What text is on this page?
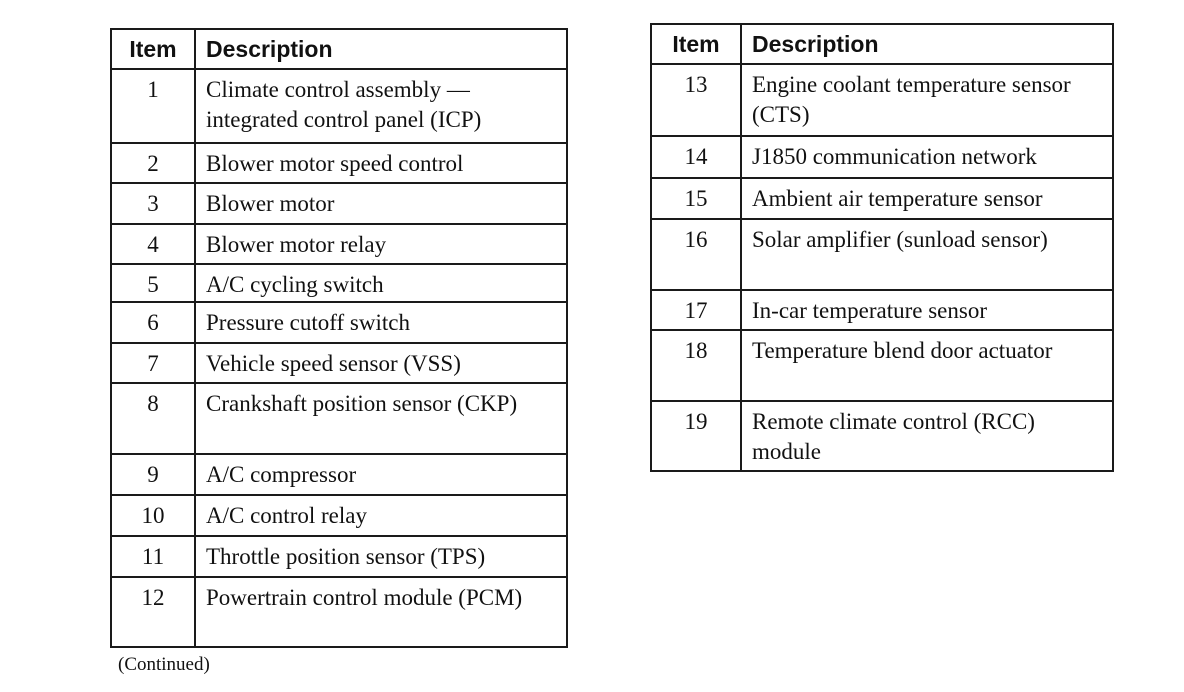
Item	Description
1	Climate control assembly — integrated control panel (ICP)
2	Blower motor speed control
3	Blower motor
4	Blower motor relay
5	A/C cycling switch
6	Pressure cutoff switch
7	Vehicle speed sensor (VSS)
8	Crankshaft position sensor (CKP)
9	A/C compressor
10	A/C control relay
11	Throttle position sensor (TPS)
12	Powertrain control module (PCM)
Item	Description
13	Engine coolant temperature sensor (CTS)
14	J1850 communication network
15	Ambient air temperature sensor
16	Solar amplifier (sunload sensor)
17	In-car temperature sensor
18	Temperature blend door actuator
19	Remote climate control (RCC) module
(Continued)
